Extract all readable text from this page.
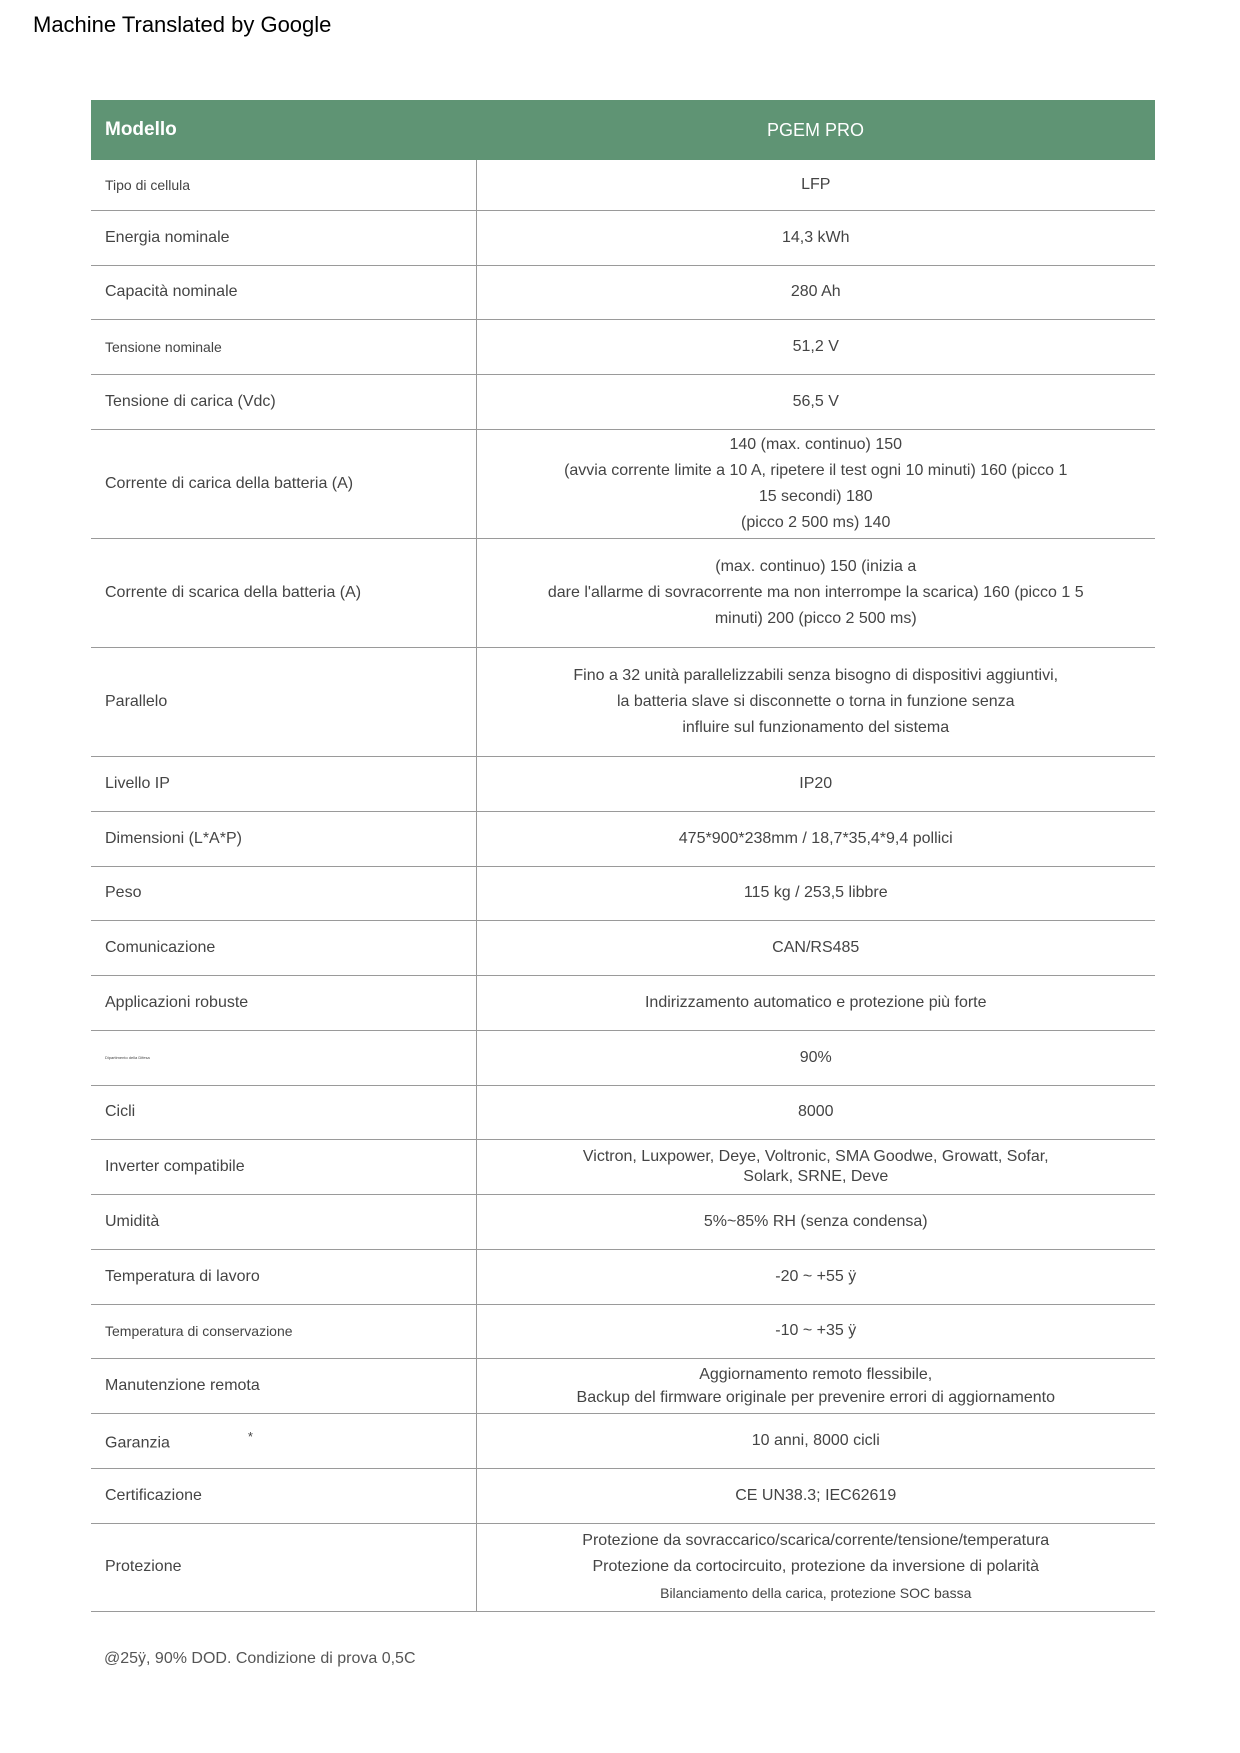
Machine Translated by Google
Modello	PGEM PRO
Tipo di cellula	LFP
Energia nominale	14,3 kWh
Capacità nominale	280 Ah
Tensione nominale	51,2 V
Tensione di carica (Vdc)	56,5 V
Corrente di carica della batteria (A)	140 (max. continuo) 150
(avvia corrente limite a 10 A, ripetere il test ogni 10 minuti) 160 (picco 1
15 secondi) 180
(picco 2 500 ms) 140

Corrente di scarica della batteria (A)	(max. continuo) 150 (inizia a
dare l'allarme di sovracorrente ma non interrompe la scarica) 160 (picco 1 5
minuti) 200 (picco 2 500 ms)

Parallelo	Fino a 32 unità parallelizzabili senza bisogno di dispositivi aggiuntivi,
la batteria slave si disconnette o torna in funzione senza
influire sul funzionamento del sistema

Livello IP	IP20
Dimensioni (L*A*P)	475*900*238mm / 18,7*35,4*9,4 pollici
Peso	115 kg / 253,5 libbre
Comunicazione	CAN/RS485
Applicazioni robuste	Indirizzamento automatico e protezione più forte
Dipartimento della Difesa	90%
Cicli	8000
Inverter compatibile	Victron, Luxpower, Deye, Voltronic, SMA Goodwe, Growatt, Sofar,
Solark, SRNE, Deve

Umidità	5%~85% RH (senza condensa)
Temperatura di lavoro	-20 ~ +55 ÿ
Temperatura di conservazione	-10 ~ +35 ÿ
Manutenzione remota	Aggiornamento remoto flessibile,
Backup del firmware originale per prevenire errori di aggiornamento

Garanzia *	10 anni, 8000 cicli
Certificazione	CE UN38.3; IEC62619
Protezione	Protezione da sovraccarico/scarica/corrente/tensione/temperatura
Protezione da cortocircuito, protezione da inversione di polarità
Bilanciamento della carica, protezione SOC bassa
@25ÿ, 90% DOD. Condizione di prova 0,5C
